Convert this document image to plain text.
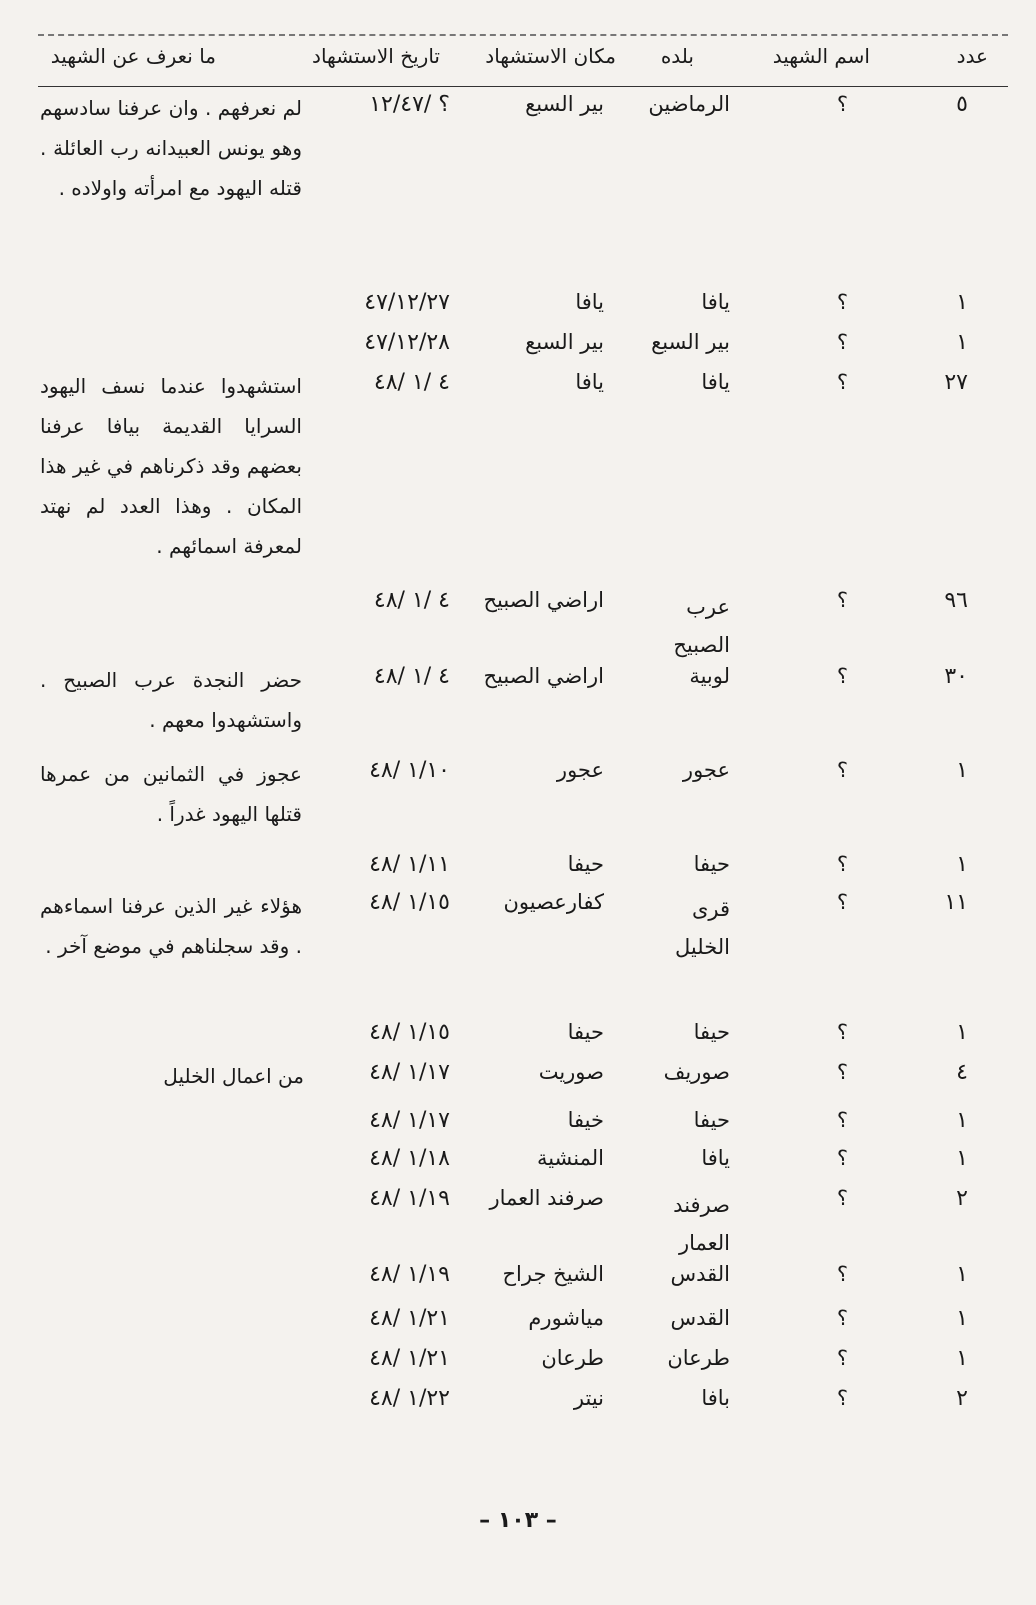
عدد
اسم الشهيد
بلده
مكان الاستشهاد
تاريخ الاستشهاد
ما نعرف عن الشهيد
٥
؟
الرماضين
بير السبع
؟ /١٢/٤٧
لم نعرفهم . وان عرفنا سادسهم وهو يونس العبيدانه رب العائلة . قتله اليهود مع امرأته واولاده .
١
؟
يافا
يافا
٤٧/١٢/٢٧
١
؟
بير السبع
بير السبع
٤٧/١٢/٢٨
٢٧
؟
يافا
يافا
٤ /١ /٤٨
استشهدوا عندما نسف اليهود السرايا القديمة بيافا عرفنا بعضهم وقد ذكرناهم في غير هذا المكان . وهذا العدد لم نهتد لمعرفة اسمائهم .
٩٦
؟
عرب الصبيح
اراضي الصبيح
٤ /١ /٤٨
٣٠
؟
لوبية
اراضي الصبيح
٤ /١ /٤٨
حضر النجدة عرب الصبيح . واستشهدوا معهم .
١
؟
عجور
عجور
١/١٠ /٤٨
عجوز في الثمانين من عمرها قتلها اليهود غدراً .
١
؟
حيفا
حيفا
١/١١ /٤٨
١١
؟
قرى الخليل
كفارعصيون
١/١٥ /٤٨
هؤلاء غير الذين عرفنا اسماءهم . وقد سجلناهم في موضع آخر .
١
؟
حيفا
حيفا
١/١٥ /٤٨
٤
؟
صوريف
صوريت
١/١٧ /٤٨
من اعمال الخليل
١
؟
حيفا
خيفا
١/١٧ /٤٨
١
؟
يافا
المنشية
١/١٨ /٤٨
٢
؟
صرفند العمار
صرفند العمار
١/١٩ /٤٨
١
؟
القدس
الشيخ جراح
١/١٩ /٤٨
١
؟
القدس
مياشورم
١/٢١ /٤٨
١
؟
طرعان
طرعان
١/٢١ /٤٨
٢
؟
بافا
نيتر
١/٢٢ /٤٨
– ١٠٣ –
